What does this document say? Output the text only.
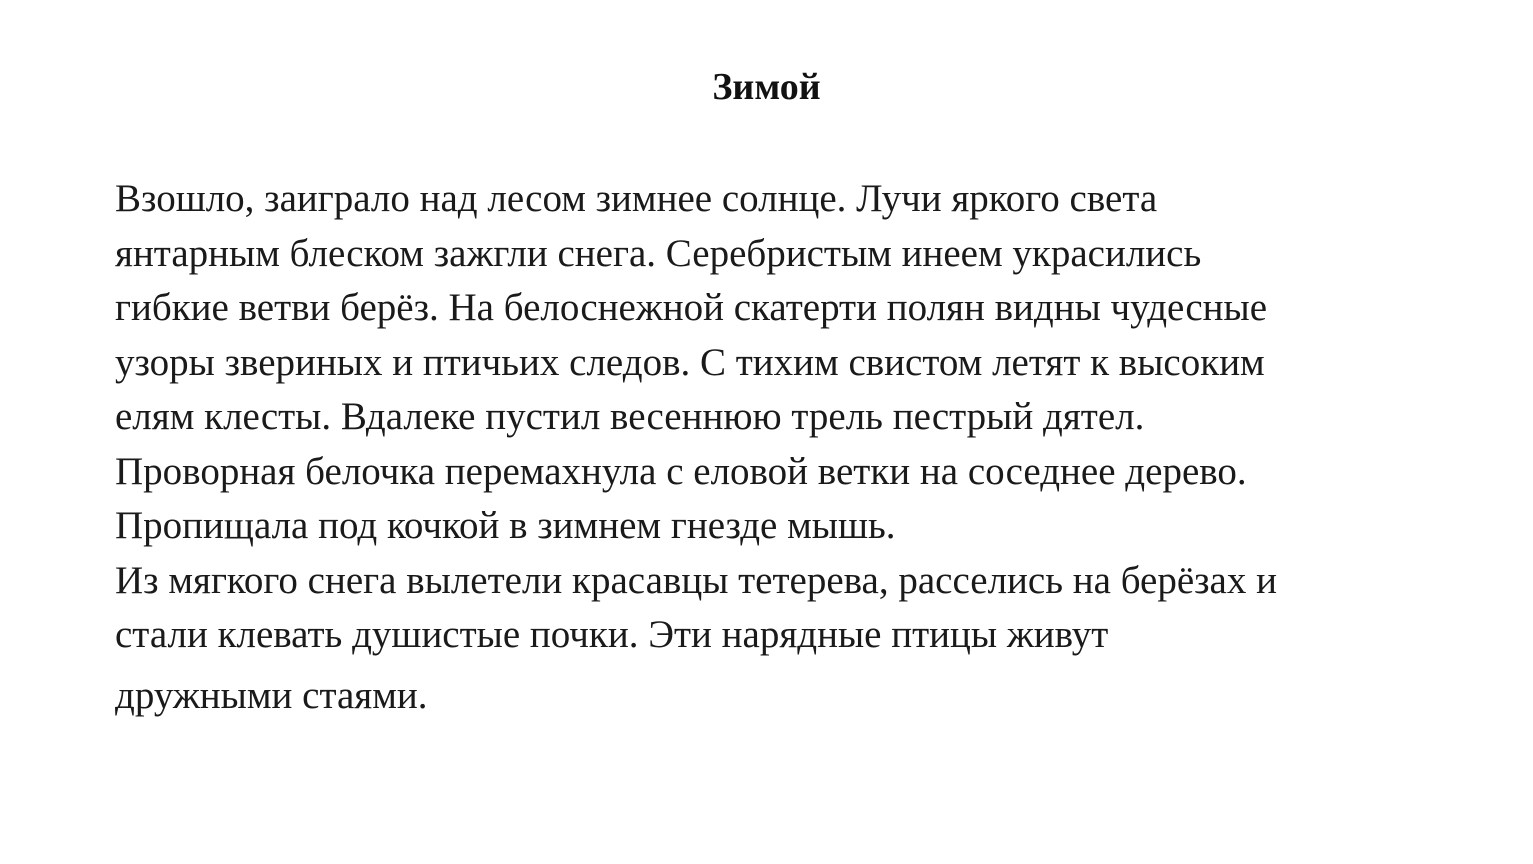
Зимой
Взошло, заиграло над лесом зимнее солнце. Лучи яркого света
янтарным блеском зажгли снега. Серебристым инеем украсились
гибкие ветви берёз. На белоснежной скатерти полян видны чудесные
узоры звериных и птичьих следов. С тихим свистом летят к высоким
елям клесты. Вдалеке пустил весеннюю трель пестрый дятел.
Проворная белочка перемахнула с еловой ветки на соседнее дерево.
Пропищала под кочкой в зимнем гнезде мышь.
Из мягкого снега вылетели красавцы тетерева, расселись на берёзах и
стали клевать душистые почки. Эти нарядные птицы живут
дружными стаями.
